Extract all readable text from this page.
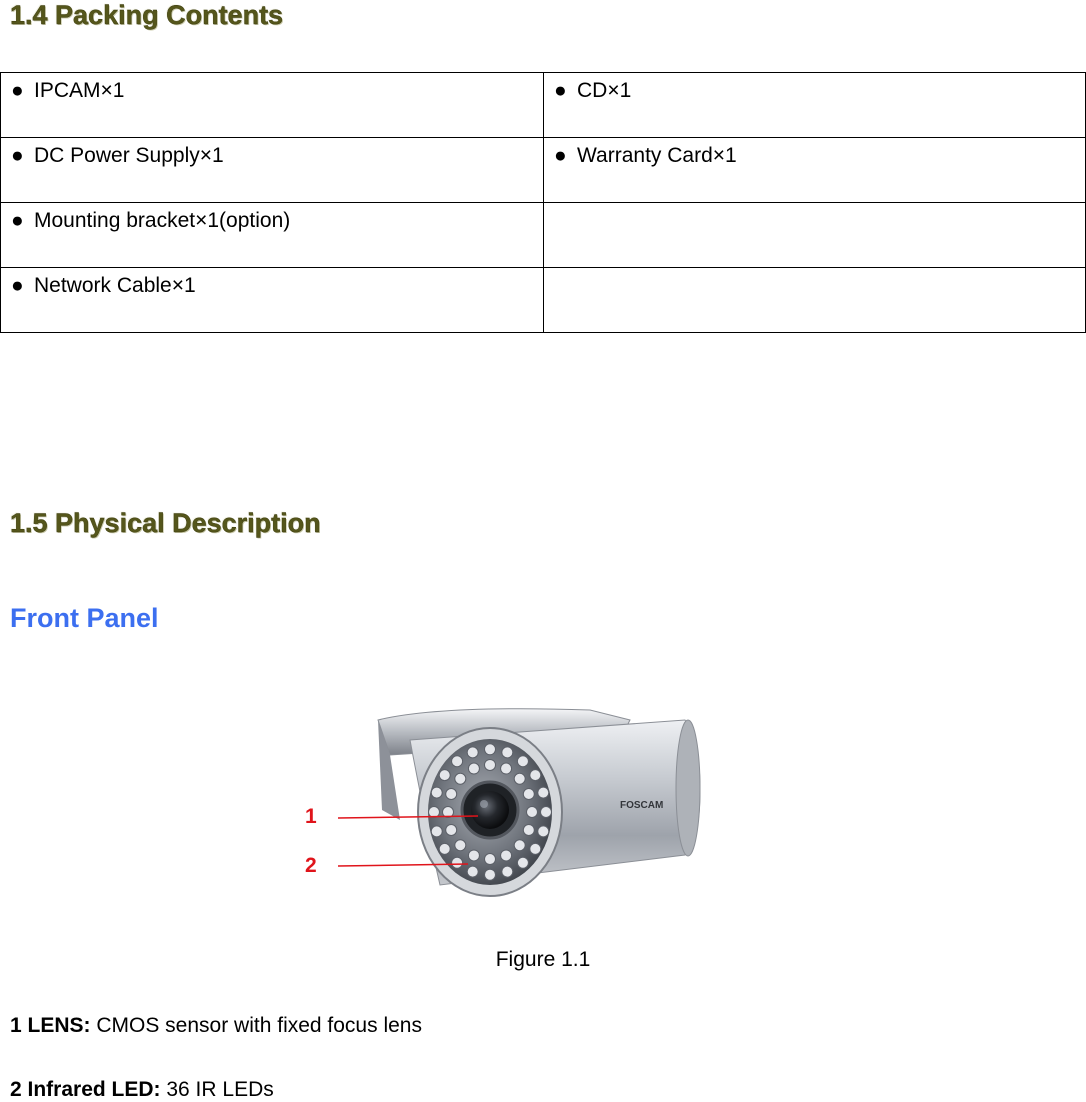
1.4 Packing Contents
● IPCAM×1	● CD×1
● DC Power Supply×1	● Warranty Card×1
● Mounting bracket×1(option)	
● Network Cable×1	
1.5 Physical Description
Front Panel
FOSCAM
1
2
Figure 1.1
1 LENS: CMOS sensor with fixed focus lens
2 Infrared LED: 36 IR LEDs
